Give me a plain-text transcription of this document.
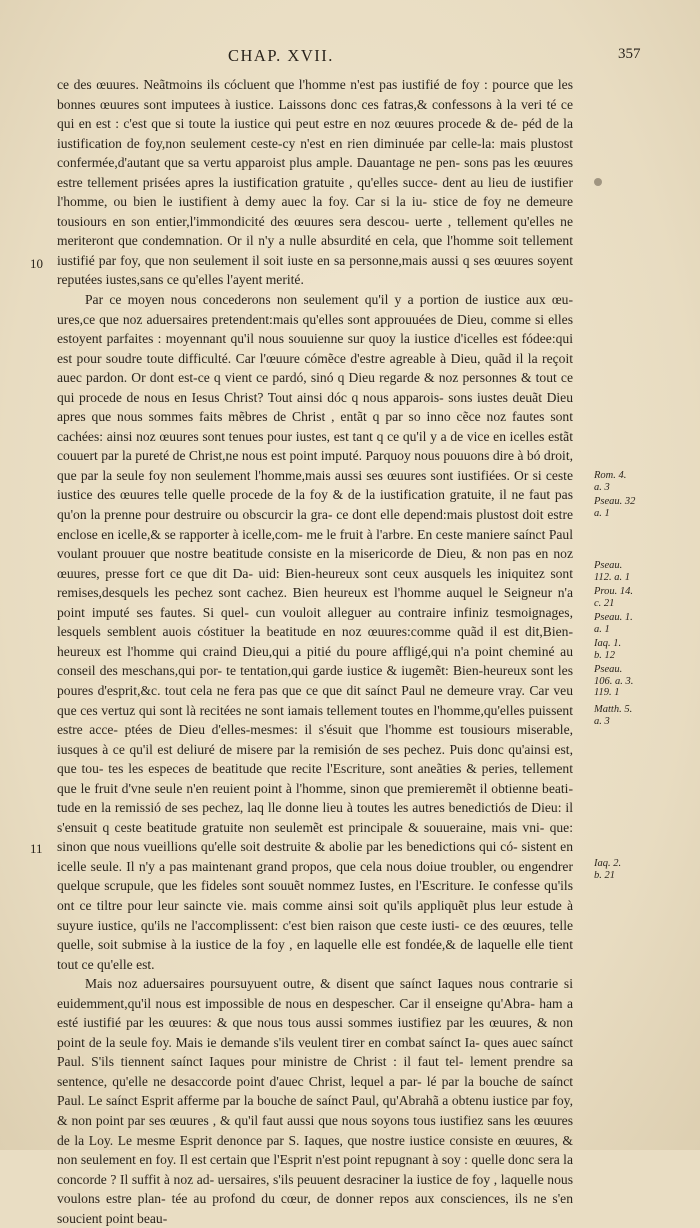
CHAP. XVII.	357
ce des œuures. Neãtmoins ils cócluent que l'homme n'est pas iustifié de foy : pource que les bonnes œuures sont imputees à iustice. Laissons donc ces fatras,& confessons à la veri té ce qui en est : c'est que si toute la iustice qui peut estre en noz œuures procede & de- péd de la iustification de foy,non seulement ceste-cy n'est en rien diminuée par celle-la: mais plustost confermée,d'autant que sa vertu apparoist plus ample. Dauantage ne pen- sons pas les œuures estre tellement prisées apres la iustification gratuite , qu'elles succe- dent au lieu de iustifier l'homme, ou bien le iustifient à demy auec la foy. Car si la iu- stice de foy ne demeure tousiours en son entier,l'immondicité des œuures sera descou- uerte , tellement qu'elles ne meriteront que condemnation. Or il n'y a nulle absurdité en cela, que l'homme soit tellement iustifié par foy, que non seulement il soit iuste en sa personne,mais aussi q ses œuures soyent reputées iustes,sans ce qu'elles l'ayent merité.
Par ce moyen nous concederons non seulement qu'il y a portion de iustice aux œu- ures,ce que noz aduersaires pretendent:mais qu'elles sont approuuées de Dieu, comme si elles estoyent parfaites : moyennant qu'il nous souuienne sur quoy la iustice d'icelles est fódee:qui est pour soudre toute difficulté. Car l'œuure cómẽce d'estre agreable à Dieu, quãd il la reçoit auec pardon. Or dont est-ce q vient ce pardó, sinó q Dieu regarde & noz personnes & tout ce qui procede de nous en Iesus Christ? Tout ainsi dóc q nous apparois- sons iustes deuãt Dieu apres que nous sommes faits mẽbres de Christ , entãt q par so inno cẽce noz fautes sont cachées: ainsi noz œuures sont tenues pour iustes, est tant q ce qu'il y a de vice en icelles estãt couuert par la pureté de Christ,ne nous est point imputé. Parquoy nous pouuons dire à bó droit, que par la seule foy non seulement l'homme,mais aussi ses œuures sont iustifiées. Or si ceste iustice des œuures telle quelle procede de la foy & de la iustification gratuite, il ne faut pas qu'on la prenne pour destruire ou obscurcir la gra- ce dont elle depend:mais plustost doit estre enclose en icelle,& se rapporter à icelle,com- me le fruit à l'arbre. En ceste maniere saínct Paul voulant prouuer que nostre beatitude consiste en la misericorde de Dieu, & non pas en noz œuures, presse fort ce que dit Da- uid: Bien-heureux sont ceux ausquels les iniquitez sont remises,desquels les pechez sont cachez. Bien heureux est l'homme auquel le Seigneur n'a point imputé ses fautes. Si quel- cun vouloit alleguer au contraire infiniz tesmoignages, lesquels semblent auois cóstituer la beatitude en noz œuures:comme quãd il est dit,Bien-heureux est l'homme qui craind Dieu,qui a pitié du poure affligé,qui n'a point cheminé au conseil des meschans,qui por- te tentation,qui garde iustice & iugemẽt: Bien-heureux sont les poures d'esprit,&c. tout cela ne fera pas que ce que dit saínct Paul ne demeure vray. Car veu que ces vertuz qui sont là recitées ne sont iamais tellement toutes en l'homme,qu'elles puissent estre acce- ptées de Dieu d'elles-mesmes: il s'ésuit que l'homme est tousiours miserable, iusques à ce qu'il est deliuré de misere par la remisión de ses pechez. Puis donc qu'ainsi est, que tou- tes les especes de beatitude que recite l'Escriture, sont aneãties & peries, tellement que le fruit d'vne seule n'en reuient point à l'homme, sinon que premieremẽt il obtienne beati- tude en la remissió de ses pechez, laq lle donne lieu à toutes les autres benedictiós de Dieu: il s'ensuit q ceste beatitude gratuite non seulemẽt est principale & souueraine, mais vni- que: sinon que nous vueillions qu'elle soit destruite & abolie par les benedictions qui có- sistent en icelle seule. Il n'y a pas maintenant grand propos, que cela nous doiue troubler, ou engendrer quelque scrupule, que les fideles sont souuẽt nommez Iustes, en l'Escriture. Ie confesse qu'ils ont ce tiltre pour leur saincte vie. mais comme ainsi soit qu'ils appliquẽt plus leur estude à suyure iustice, qu'ils ne l'accomplissent: c'est bien raison que ceste iusti- ce des œuures, telle quelle, soit submise à la iustice de la foy , en laquelle elle est fondée,& de laquelle elle tient tout ce qu'elle est.
Mais noz aduersaires poursuyuent outre, & disent que saínct Iaques nous contrarie si euidemment,qu'il nous est impossible de nous en despescher. Car il enseigne qu'Abra- ham a esté iustifié par les œuures: & que nous tous aussi sommes iustifiez par les œuures, & non point de la seule foy. Mais ie demande s'ils veulent tirer en combat saínct Ia- ques auec saínct Paul. S'ils tiennent saínct Iaques pour ministre de Christ : il faut tel- lement prendre sa sentence, qu'elle ne desaccorde point d'auec Christ, lequel a par- lé par la bouche de saínct Paul. Le saínct Esprit afferme par la bouche de saínct Paul, qu'Abrahã a obtenu iustice par foy, & non point par ses œuures , & qu'il faut aussi que nous soyons tous iustifiez sans les œuures de la Loy. Le mesme Esprit denonce par S. Iaques, que nostre iustice consiste en œuures, & non seulement en foy. Il est certain que l'Esprit n'est point repugnant à soy : quelle donc sera la concorde ? Il suffit à noz ad- uersaires, s'ils peuuent desraciner la iustice de foy , laquelle nous voulons estre plan- tée au profond du cœur, de donner repos aux consciences, ils ne s'en soucient point beau-
10
11
Rom. 4.
a. 3
Pseau. 32
a. 1
Pseau.
112. a. 1
Prou. 14.
c. 21
Pseau. 1.
a. 1
Iaq. 1.
b. 12
Pseau.
106. a. 3.
119. 1
Matth. 5.
a. 3
Iaq. 2.
b. 21
